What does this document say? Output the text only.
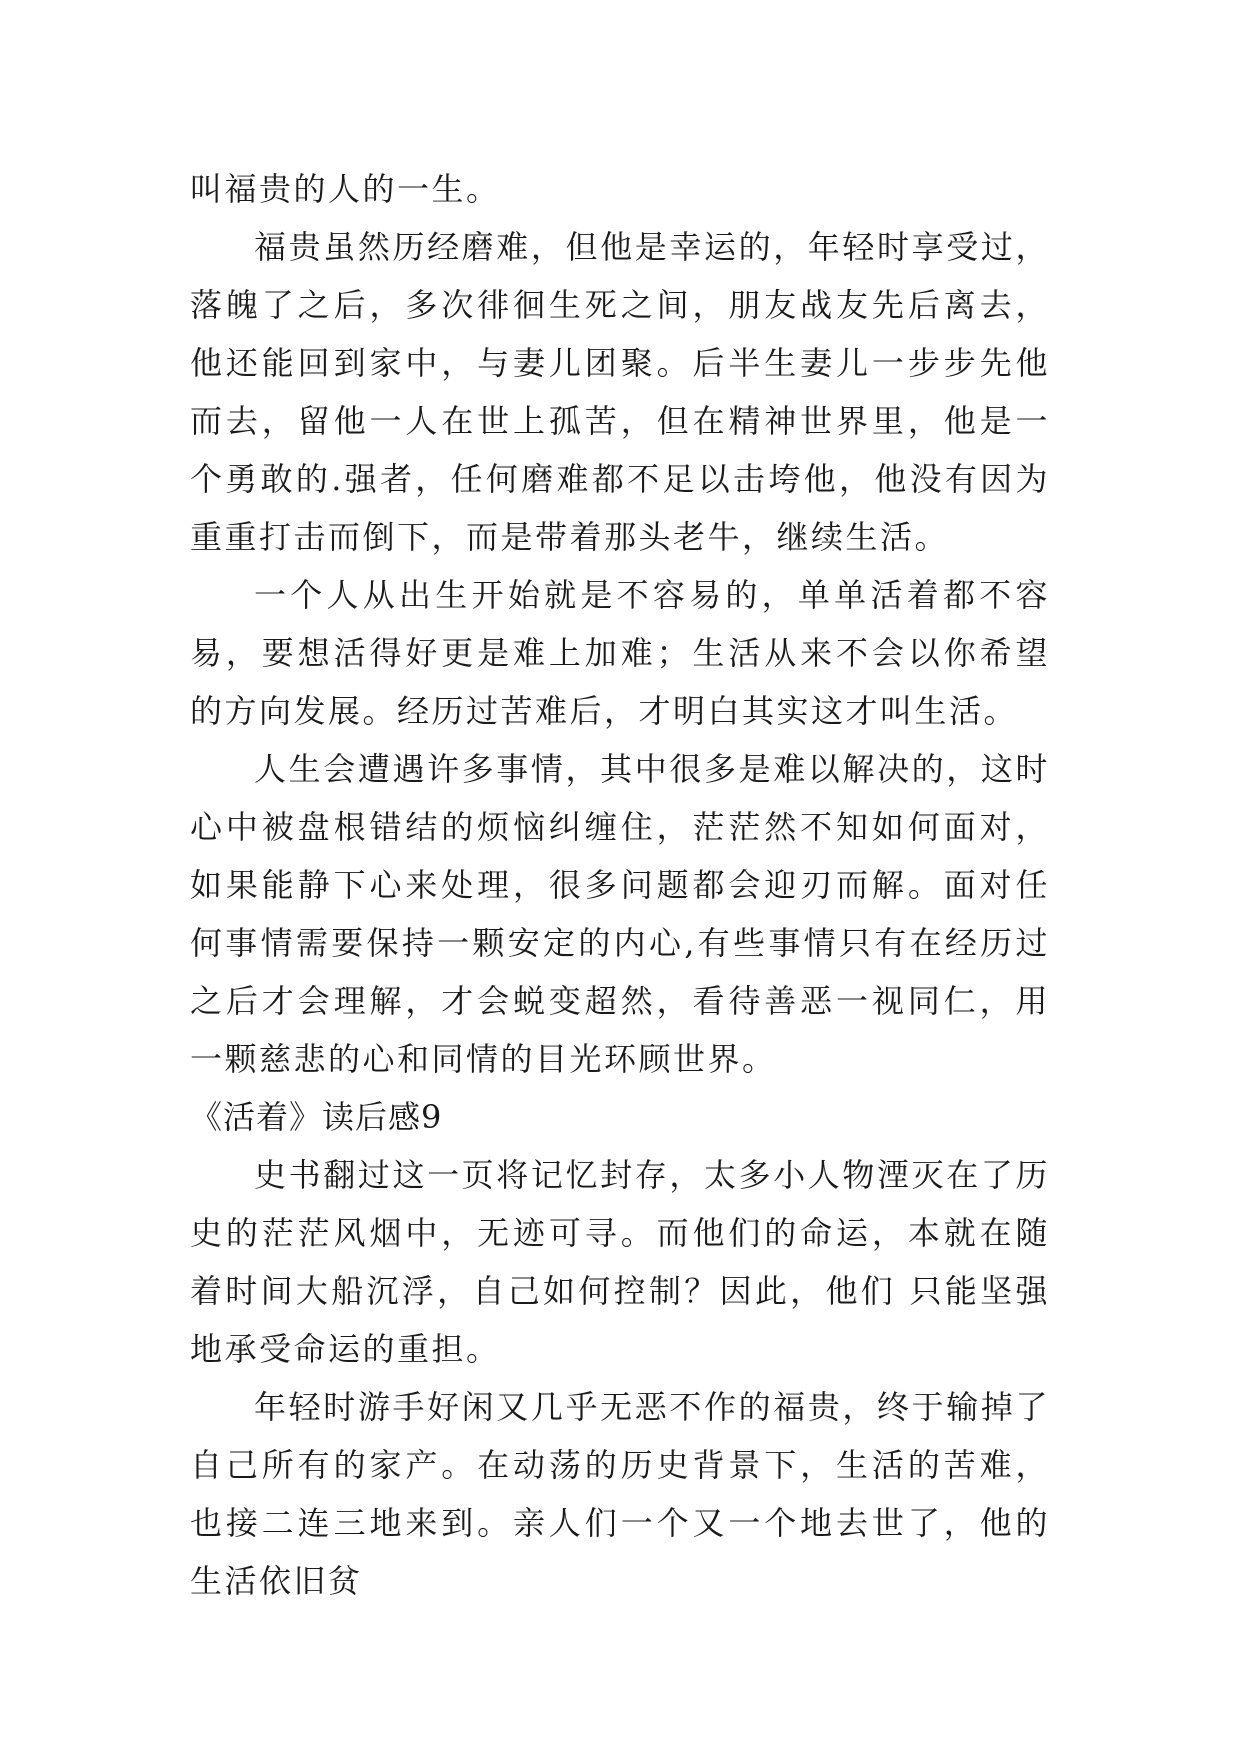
叫福贵的人的一生。

福贵虽然历经磨难，但他是幸运的，年轻时享受过，落魄了之后，多次徘徊生死之间，朋友战友先后离去，他还能回到家中，与妻儿团聚。后半生妻儿一步步先他而去，留他一人在世上孤苦，但在精神世界里，他是一个勇敢的.强者，任何磨难都不足以击垮他，他没有因为重重打击而倒下，而是带着那头老牛，继续生活。

一个人从出生开始就是不容易的，单单活着都不容易，要想活得好更是难上加难；生活从来不会以你希望的方向发展。经历过苦难后，才明白其实这才叫生活。

人生会遭遇许多事情，其中很多是难以解决的，这时心中被盘根错结的烦恼纠缠住，茫茫然不知如何面对，如果能静下心来处理，很多问题都会迎刃而解。面对任何事情需要保持一颗安定的内心,有些事情只有在经历过之后才会理解，才会蜕变超然，看待善恶一视同仁，用一颗慈悲的心和同情的目光环顾世界。

《活着》读后感9

史书翻过这一页将记忆封存，太多小人物湮灭在了历史的茫茫风烟中，无迹可寻。而他们的命运，本就在随着时间大船沉浮，自己如何控制？因此，他们 只能坚强地承受命运的重担。

年轻时游手好闲又几乎无恶不作的福贵，终于输掉了自己所有的家产。在动荡的历史背景下，生活的苦难，也接二连三地来到。亲人们一个又一个地去世了，他的生活依旧贫
